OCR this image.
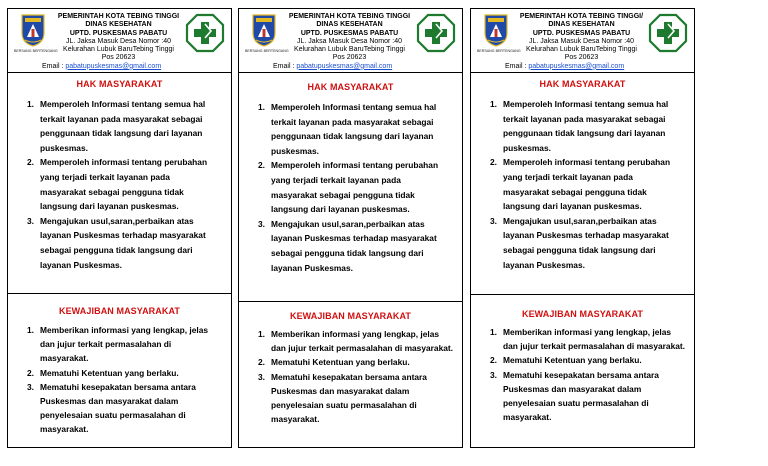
BERSANG BERTENGANG
PEMERINTAH KOTA TEBING TINGGI
DINAS KESEHATAN
UPTD. PUSKESMAS PABATU
JL. Jaksa Masuk Desa Nomor :40
Kelurahan Lubuk BaruTebing Tinggi
Pos 20623
Email : pabatupuskesmas@gmail.com
HAK MASYARAKAT
Memperoleh Informasi tentang semua hal terkait layanan pada masyarakat sebagai penggunaan tidak langsung dari layanan puskesmas.
Memperoleh informasi tentang perubahan yang terjadi terkait layanan pada masyarakat sebagai pengguna tidak langsung dari layanan puskesmas.
Mengajukan usul,saran,perbaikan atas layanan Puskesmas terhadap masyarakat sebagai pengguna tidak langsung dari layanan Puskesmas.
KEWAJIBAN MASYARAKAT
Memberikan informasi yang lengkap, jelas dan jujur terkait permasalahan di masyarakat.
Mematuhi Ketentuan yang berlaku.
Mematuhi kesepakatan bersama antara Puskesmas dan masyarakat dalam penyelesaian suatu permasalahan di masyarakat.
BERSANG BERTENGANG
PEMERINTAH KOTA TEBING TINGGI
DINAS KESEHATAN
UPTD. PUSKESMAS PABATU
JL. Jaksa Masuk Desa Nomor :40
Kelurahan Lubuk BaruTebing Tinggi
Pos 20623
Email : pabatupuskesmas@gmail.com
HAK MASYARAKAT
Memperoleh Informasi tentang semua hal terkait layanan pada masyarakat sebagai penggunaan tidak langsung dari layanan puskesmas.
Memperoleh informasi tentang perubahan yang terjadi terkait layanan pada masyarakat sebagai pengguna tidak langsung dari layanan puskesmas.
Mengajukan usul,saran,perbaikan atas layanan Puskesmas terhadap masyarakat sebagai pengguna tidak langsung dari layanan Puskesmas.
KEWAJIBAN MASYARAKAT
Memberikan informasi yang lengkap, jelas dan jujur terkait permasalahan di masyarakat.
Mematuhi Ketentuan yang berlaku.
Mematuhi kesepakatan bersama antara Puskesmas dan masyarakat dalam penyelesaian suatu permasalahan di masyarakat.
BERSANG BERTENGANG
PEMERINTAH KOTA TEBING TINGGI/
DINAS KESEHATAN
UPTD. PUSKESMAS PABATU
JL. Jaksa Masuk Desa Nomor :40
Kelurahan Lubuk BaruTebing Tinggi
Pos 20623
Email : pabatupuskesmas@gmail.com
HAK MASYARAKAT
Memperoleh Informasi tentang semua hal terkait layanan pada masyarakat sebagai penggunaan tidak langsung dari layanan puskesmas.
Memperoleh informasi tentang perubahan yang terjadi terkait layanan pada masyarakat sebagai pengguna tidak langsung dari layanan puskesmas.
Mengajukan usul,saran,perbaikan atas layanan Puskesmas terhadap masyarakat sebagai pengguna tidak langsung dari layanan Puskesmas.
KEWAJIBAN MASYARAKAT
Memberikan informasi yang lengkap, jelas dan jujur terkait permasalahan di masyarakat.
Mematuhi Ketentuan yang berlaku.
Mematuhi kesepakatan bersama antara Puskesmas dan masyarakat dalam penyelesaian suatu permasalahan di masyarakat.
